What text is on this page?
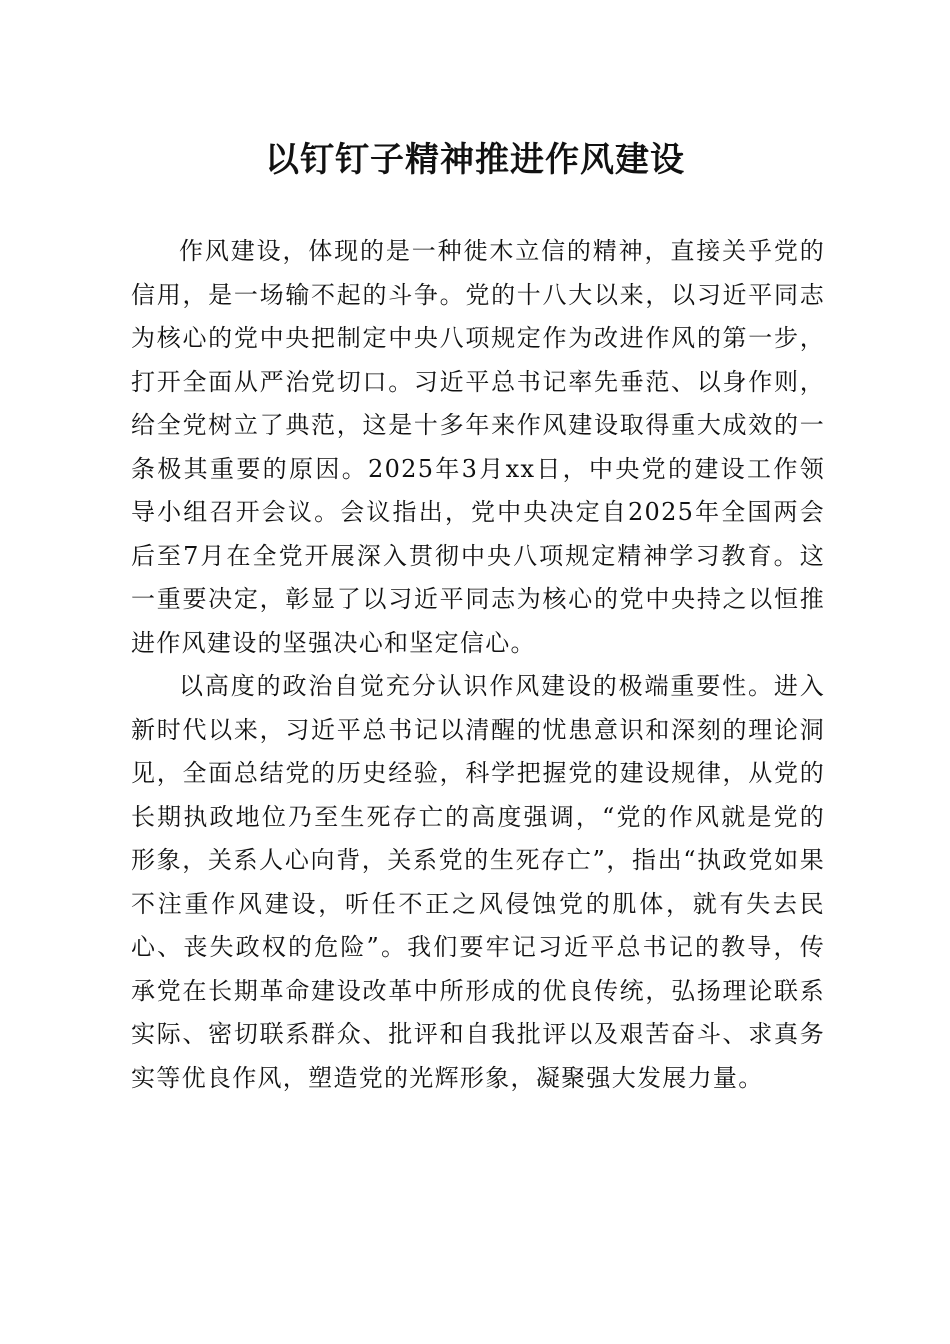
以钉钉子精神推进作风建设

作风建设，体现的是一种徙木立信的精神，直接关乎党的信用，是一场输不起的斗争。党的十八大以来，以习近平同志为核心的党中央把制定中央八项规定作为改进作风的第一步，打开全面从严治党切口。习近平总书记率先垂范、以身作则，给全党树立了典范，这是十多年来作风建设取得重大成效的一条极其重要的原因。2025年3月xx日，中央党的建设工作领导小组召开会议。会议指出，党中央决定自2025年全国两会后至7月在全党开展深入贯彻中央八项规定精神学习教育。这一重要决定，彰显了以习近平同志为核心的党中央持之以恒推进作风建设的坚强决心和坚定信心。

以高度的政治自觉充分认识作风建设的极端重要性。进入新时代以来，习近平总书记以清醒的忧患意识和深刻的理论洞见，全面总结党的历史经验，科学把握党的建设规律，从党的长期执政地位乃至生死存亡的高度强调，“党的作风就是党的形象，关系人心向背，关系党的生死存亡”，指出“执政党如果不注重作风建设，听任不正之风侵蚀党的肌体，就有失去民心、丧失政权的危险”。我们要牢记习近平总书记的教导，传承党在长期革命建设改革中所形成的优良传统，弘扬理论联系实际、密切联系群众、批评和自我批评以及艰苦奋斗、求真务实等优良作风，塑造党的光辉形象，凝聚强大发展力量。
